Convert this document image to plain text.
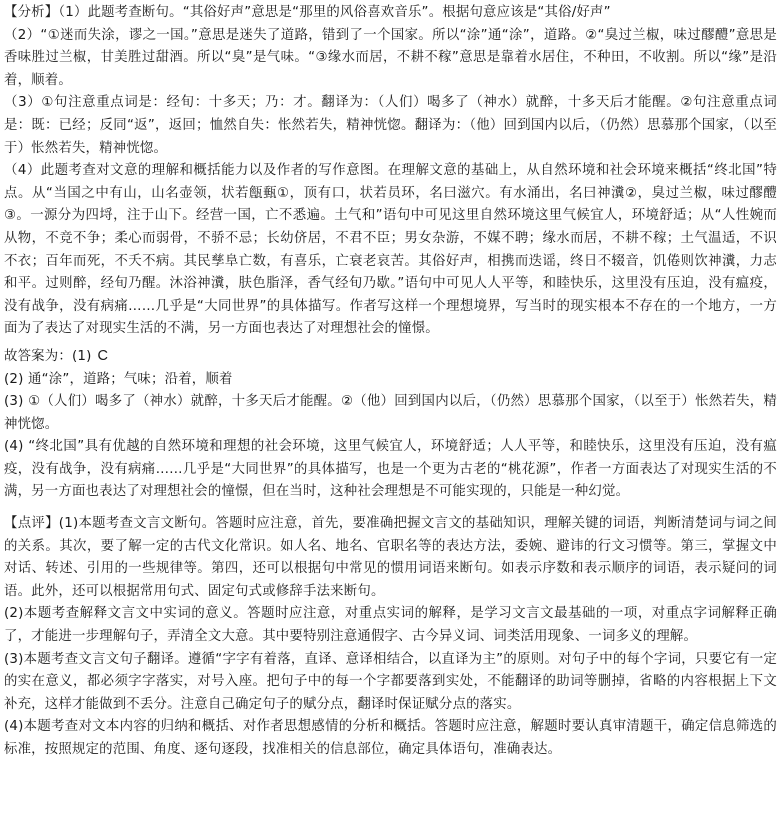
【分析】（1）此题考查断句。“其俗好声”意思是“那里的风俗喜欢音乐”。根据句意应该是“其俗/好声”

（2）“①迷而失涂，谬之一国。”意思是迷失了道路，错到了一个国家。所以“涂”通“涂”，道路。②“臭过兰椒，味过醪醴”意思是香味胜过兰椒，甘美胜过甜酒。所以“臭”是气味。“③缘水而居，不耕不稼”意思是靠着水居住，不种田，不收割。所以“缘”是沿着，顺着。

（3）①句注意重点词是：经旬：十多天；乃：才。翻译为：（人们）喝多了（神水）就醉，十多天后才能醒。②句注意重点词是：既：已经；反同“返”，返回；恤然自失：怅然若失，精神恍惚。翻译为：（他）回到国内以后，（仍然）思慕那个国家，（以至于）怅然若失，精神恍惚。

（4）此题考查对文意的理解和概括能力以及作者的写作意图。在理解文意的基础上，从自然环境和社会环境来概括“终北国”特点。从“当国之中有山，山名壶领，状若甔甀①，顶有口，状若员环，名曰滋穴。有水涌出，名曰神瀵②，臭过兰椒，味过醪醴③。一源分为四埒，注于山下。经营一国，亡不悉遍。土气和”语句中可见这里自然环境这里气候宜人，环境舒适；从“人性婉而从物，不竞不争；柔心而弱骨，不骄不忌；长幼侪居，不君不臣；男女杂游，不媒不聘；缘水而居，不耕不稼；土气温适，不识不衣；百年而死，不夭不病。其民孳阜亡数，有喜乐，亡衰老哀苦。其俗好声，相携而迭谣，终日不辍音，饥倦则饮神瀵，力志和平。过则醉，经旬乃醒。沐浴神瀵，肤色脂泽，香气经旬乃歇。”语句中可见人人平等，和睦快乐，这里没有压迫，没有瘟疫，没有战争，没有病痛……几乎是“大同世界”的具体描写。作者写这样一个理想境界，写当时的现实根本不存在的一个地方，一方面为了表达了对现实生活的不满，另一方面也表达了对理想社会的憧憬。

故答案为：(1) C

(2) 通“涂”，道路；气味；沿着，顺着

(3) ①（人们）喝多了（神水）就醉，十多天后才能醒。②（他）回到国内以后，（仍然）思慕那个国家，（以至于）怅然若失，精神恍惚。

(4) “终北国”具有优越的自然环境和理想的社会环境，这里气候宜人，环境舒适；人人平等，和睦快乐，这里没有压迫，没有瘟疫，没有战争，没有病痛……几乎是“大同世界”的具体描写，也是一个更为古老的“桃花源”，作者一方面表达了对现实生活的不满，另一方面也表达了对理想社会的憧憬，但在当时，这种社会理想是不可能实现的，只能是一种幻觉。

【点评】(1)本题考查文言文断句。答题时应注意，首先，要准确把握文言文的基础知识，理解关键的词语，判断清楚词与词之间的关系。其次，要了解一定的古代文化常识。如人名、地名、官职名等的表达方法，委婉、避讳的行文习惯等。第三，掌握文中对话、转述、引用的一些规律等。第四，还可以根据句中常见的惯用词语来断句。如表示序数和表示顺序的词语，表示疑问的词语。此外，还可以根据常用句式、固定句式或修辞手法来断句。

(2)本题考查解释文言文中实词的意义。答题时应注意，对重点实词的解释，是学习文言文最基础的一项，对重点字词解释正确了，才能进一步理解句子，弄清全文大意。其中要特别注意通假字、古今异义词、词类活用现象、一词多义的理解。

(3)本题考查文言文句子翻译。遵循“字字有着落，直译、意译相结合，以直译为主”的原则。对句子中的每个字词，只要它有一定的实在意义，都必须字字落实，对号入座。把句子中的每一个字都要落到实处，不能翻译的助词等删掉，省略的内容根据上下文补充，这样才能做到不丢分。注意自己确定句子的赋分点，翻译时保证赋分点的落实。

(4)本题考查对文本内容的归纳和概括、对作者思想感情的分析和概括。答题时应注意，解题时要认真审清题干，确定信息筛选的标准，按照规定的范围、角度、逐句逐段，找准相关的信息部位，确定具体语句，准确表达。
